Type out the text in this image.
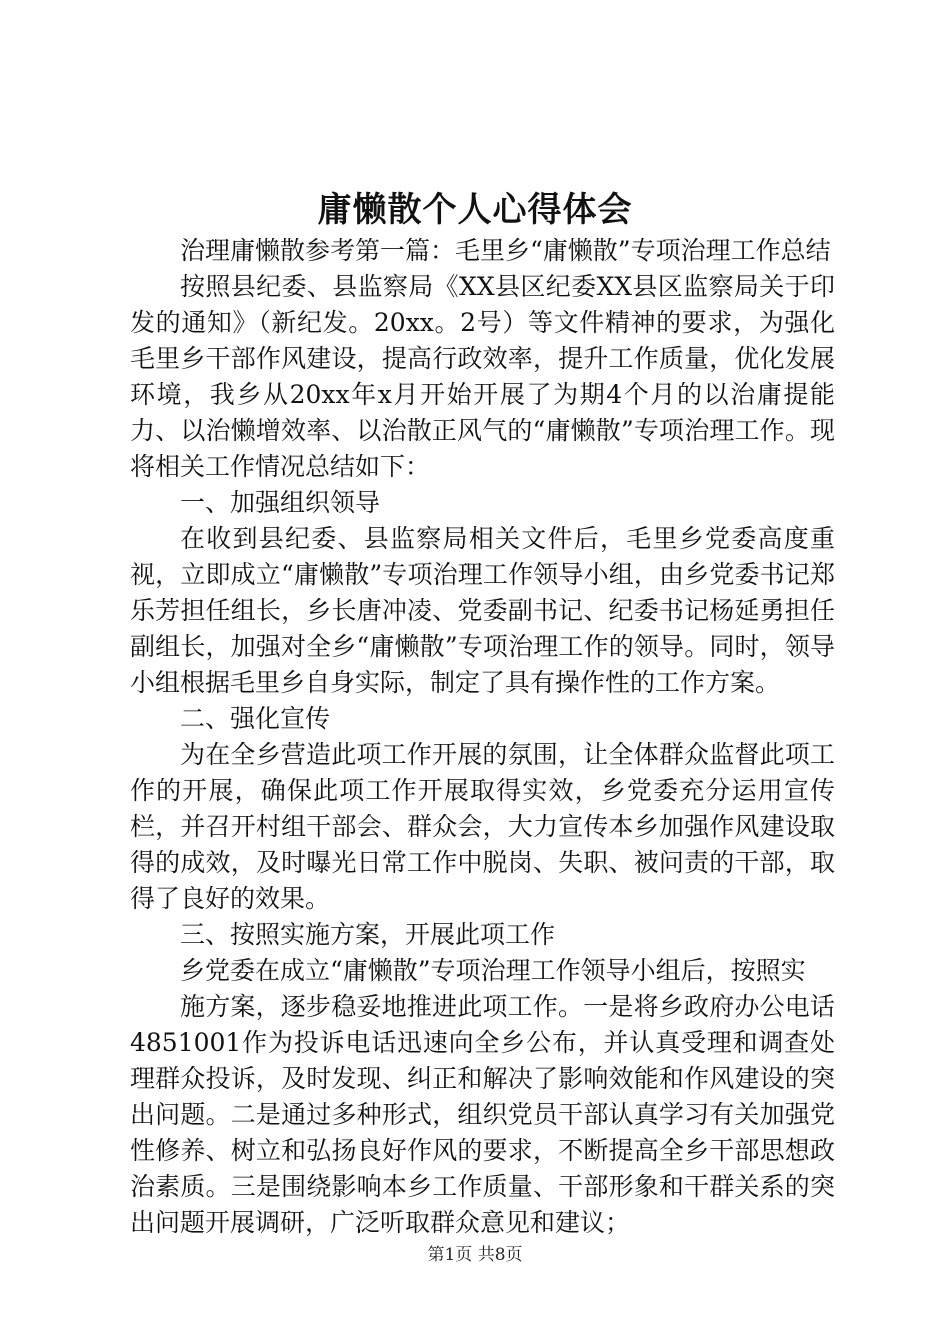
庸懒散个人心得体会

治理庸懒散参考第一篇：毛里乡“庸懒散”专项治理工作总结

按照县纪委、县监察局《XX县区纪委XX县区监察局关于印发的通知》（新纪发。20xx。2号）等文件精神的要求，为强化毛里乡干部作风建设，提高行政效率，提升工作质量，优化发展环境，我乡从20xx年x月开始开展了为期4个月的以治庸提能力、以治懒增效率、以治散正风气的“庸懒散”专项治理工作。现将相关工作情况总结如下：

一、加强组织领导

在收到县纪委、县监察局相关文件后，毛里乡党委高度重视，立即成立“庸懒散”专项治理工作领导小组，由乡党委书记郑乐芳担任组长，乡长唐冲凌、党委副书记、纪委书记杨延勇担任副组长，加强对全乡“庸懒散”专项治理工作的领导。同时，领导小组根据毛里乡自身实际，制定了具有操作性的工作方案。

二、强化宣传

为在全乡营造此项工作开展的氛围，让全体群众监督此项工作的开展，确保此项工作开展取得实效，乡党委充分运用宣传栏，并召开村组干部会、群众会，大力宣传本乡加强作风建设取得的成效，及时曝光日常工作中脱岗、失职、被问责的干部，取得了良好的效果。

三、按照实施方案，开展此项工作

乡党委在成立“庸懒散”专项治理工作领导小组后，按照实

施方案，逐步稳妥地推进此项工作。一是将乡政府办公电话4851001作为投诉电话迅速向全乡公布，并认真受理和调查处理群众投诉，及时发现、纠正和解决了影响效能和作风建设的突出问题。二是通过多种形式，组织党员干部认真学习有关加强党性修养、树立和弘扬良好作风的要求，不断提高全乡干部思想政治素质。三是围绕影响本乡工作质量、干部形象和干群关系的突出问题开展调研，广泛听取群众意见和建议；

第1页 共8页
